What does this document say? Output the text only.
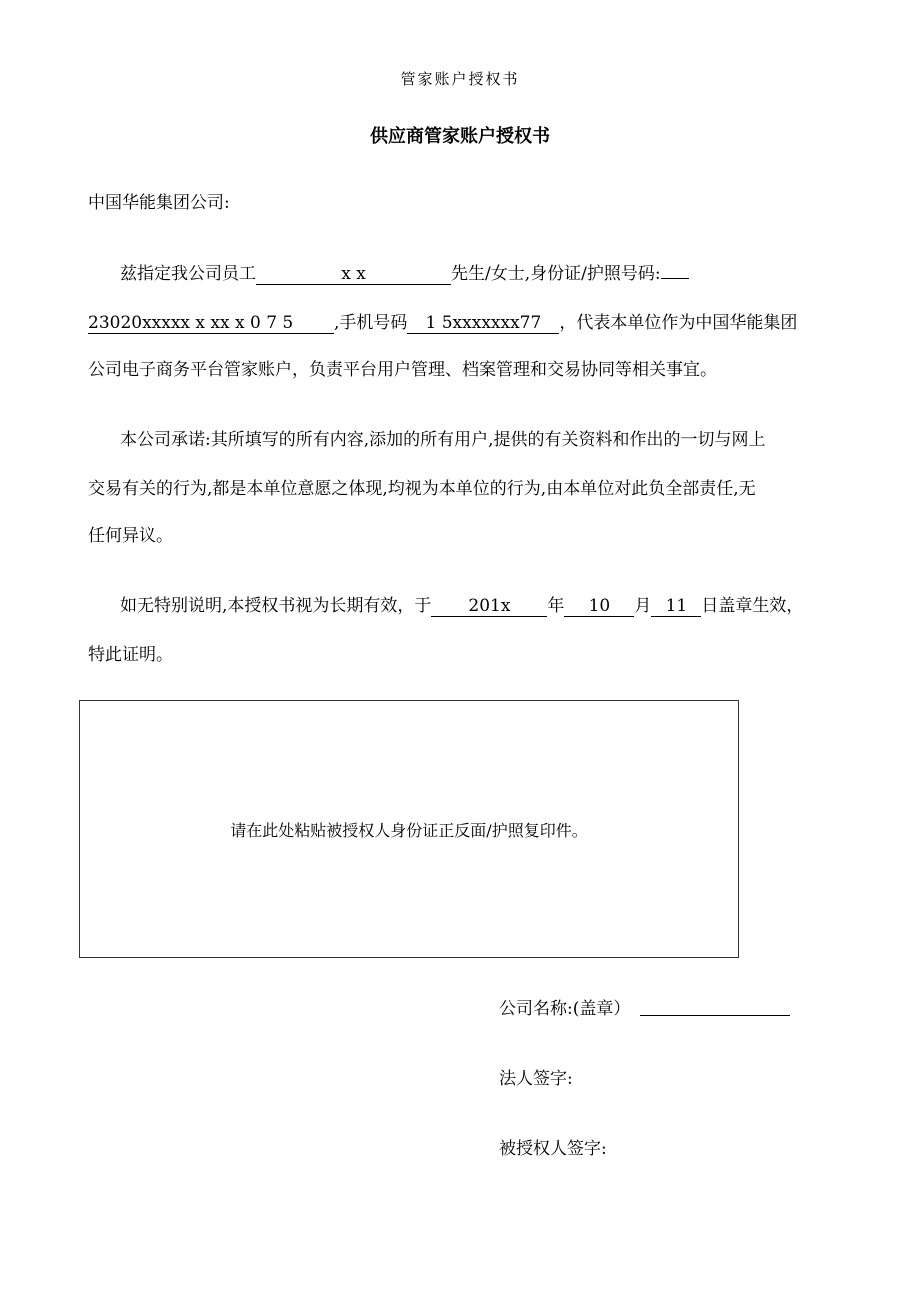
管家账户授权书
供应商管家账户授权书
中国华能集团公司:
兹指定我公司员工	x x	先生/女士,身份证/护照号码:
23020xxxxx x xx x 0 7 5 ,手机号码 1 5xxxxxxx77 ，代表本单位作为中国华能集团
公司电子商务平台管家账户，负责平台用户管理、档案管理和交易协同等相关事宜。
本公司承诺:其所填写的所有内容,添加的所有用户,提供的有关资料和作出的一切与网上
交易有关的行为,都是本单位意愿之体现,均视为本单位的行为,由本单位对此负全部责任,无
任何异议。
如无特别说明,本授权书视为长期有效，于 201x 年 10 月 11 日盖章生效，
特此证明。
请在此处粘贴被授权人身份证正反面/护照复印件。
公司名称:(盖章）
法人签字:
被授权人签字:
